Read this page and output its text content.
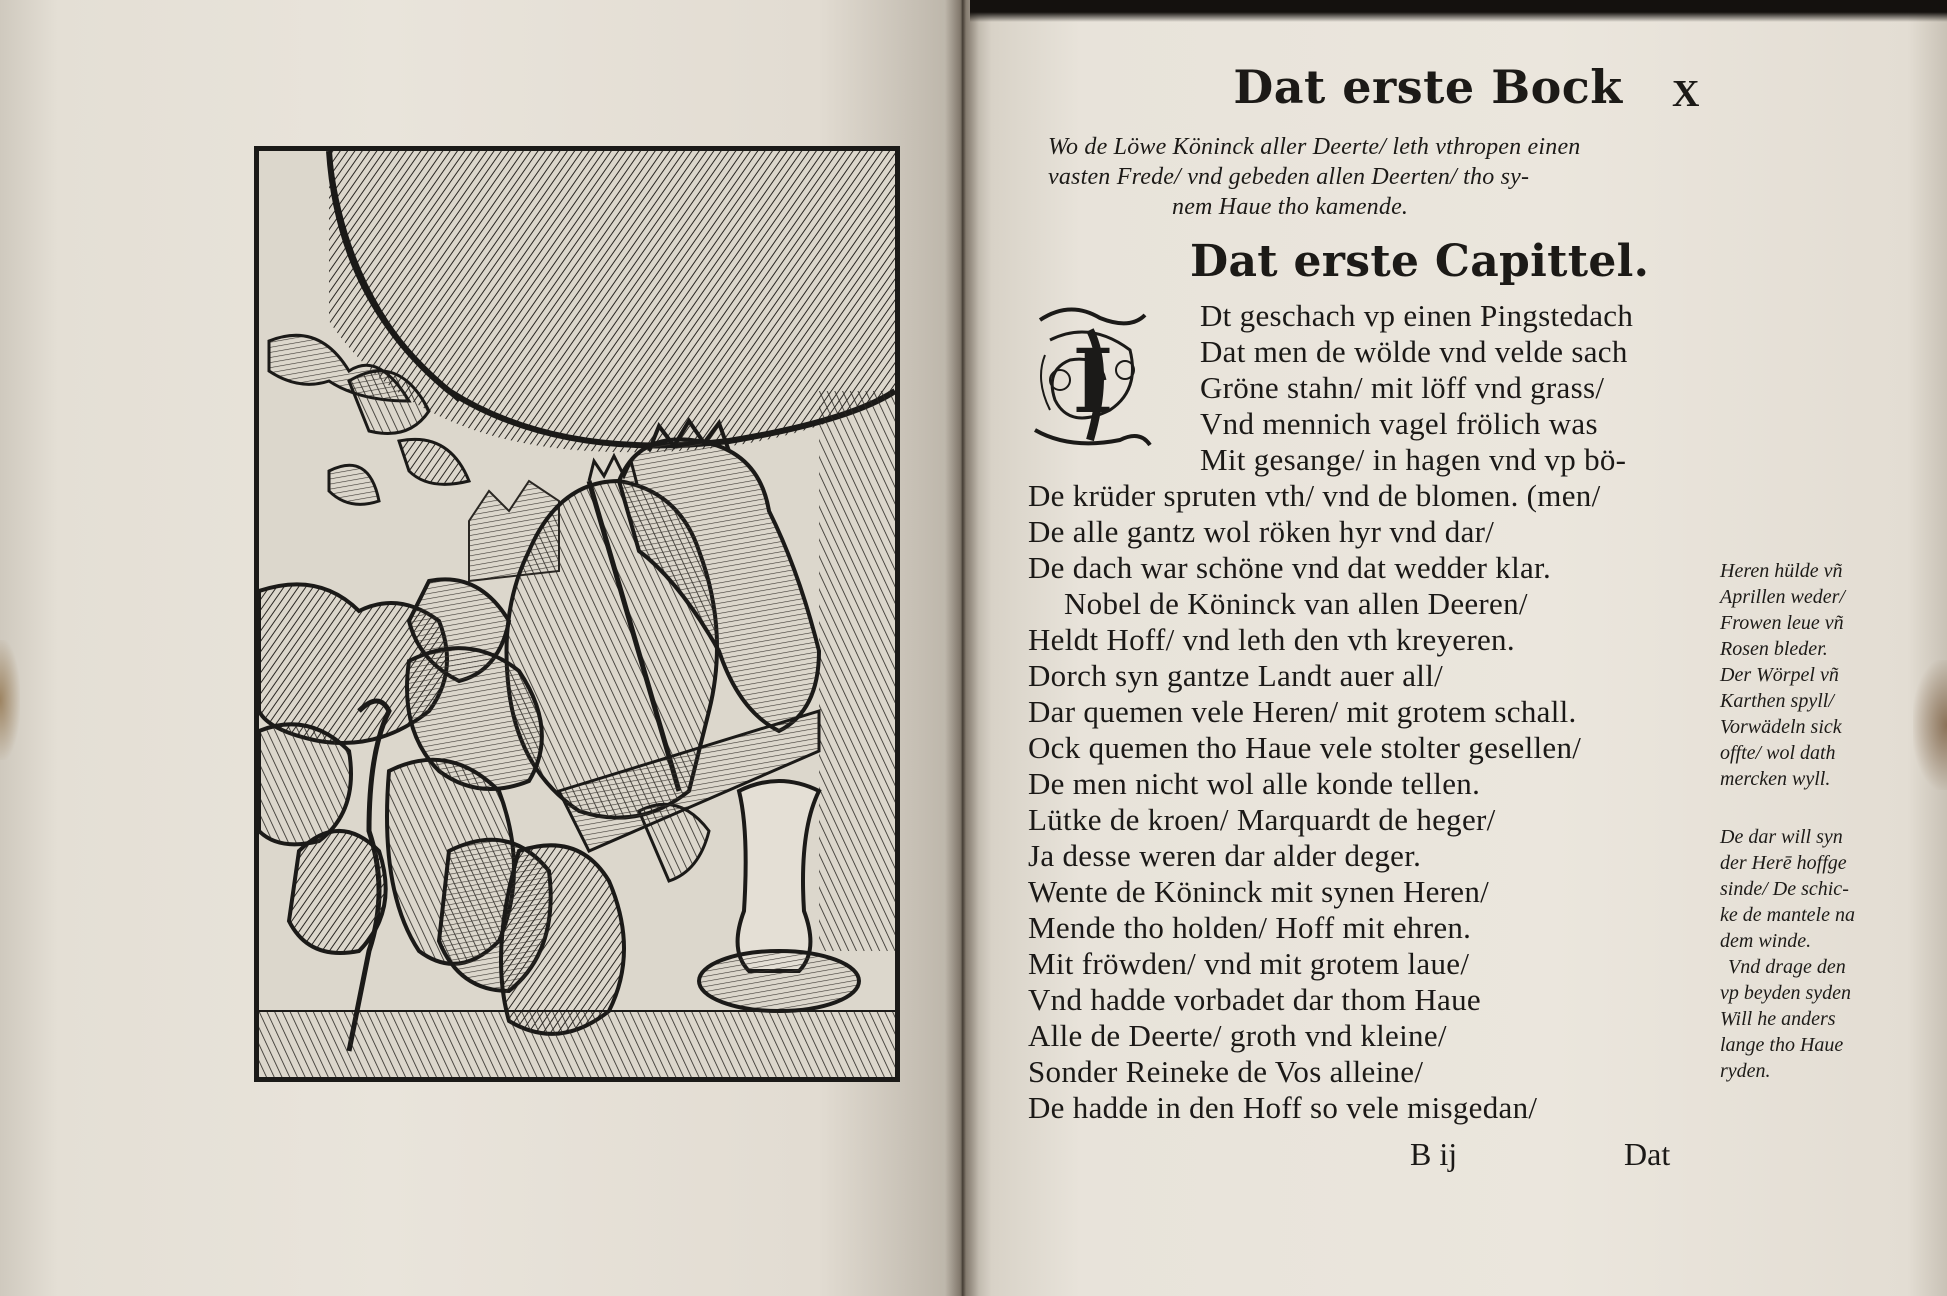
Dat erste Bock	X
Wo de Löwe Köninck aller Deerte/ leth vthropen einen
vasten Frede/ vnd gebeden allen Deerten/ tho sy-
nem Haue tho kamende.
Dat erste Capittel.
I
Dt geschach vp einen Pingstedach
Dat men de wölde vnd velde sach
Gröne stahn/ mit löff vnd grass/
Vnd mennich vagel frölich was
Mit gesange/ in hagen vnd vp bö-
De krüder spruten vth/ vnd de blomen. (men/
De alle gantz wol röken hyr vnd dar/
De dach war schöne vnd dat wedder klar.
Nobel de Köninck van allen Deeren/
Heldt Hoff/ vnd leth den vth kreyeren.
Dorch syn gantze Landt auer all/
Dar quemen vele Heren/ mit grotem schall.
Ock quemen tho Haue vele stolter gesellen/
De men nicht wol alle konde tellen.
Lütke de kroen/ Marquardt de heger/
Ja desse weren dar alder deger.
Wente de Köninck mit synen Heren/
Mende tho holden/ Hoff mit ehren.
Mit fröwden/ vnd mit grotem laue/
Vnd hadde vorbadet dar thom Haue
Alle de Deerte/ groth vnd kleine/
Sonder Reineke de Vos alleine/
De hadde in den Hoff so vele misgedan/
Heren hülde vñ
Aprillen weder/
Frowen leue vñ
Rosen bleder.
Der Wörpel vñ
Karthen spyll/
Vorwädeln sick
offte/ wol dath
mercken wyll.
De dar will syn
der Herē hoffge
sinde/ De schic-
ke de mantele na
dem winde.
Vnd drage den
vp beyden syden
Will he anders
lange tho Haue
ryden.
B ij	Dat
